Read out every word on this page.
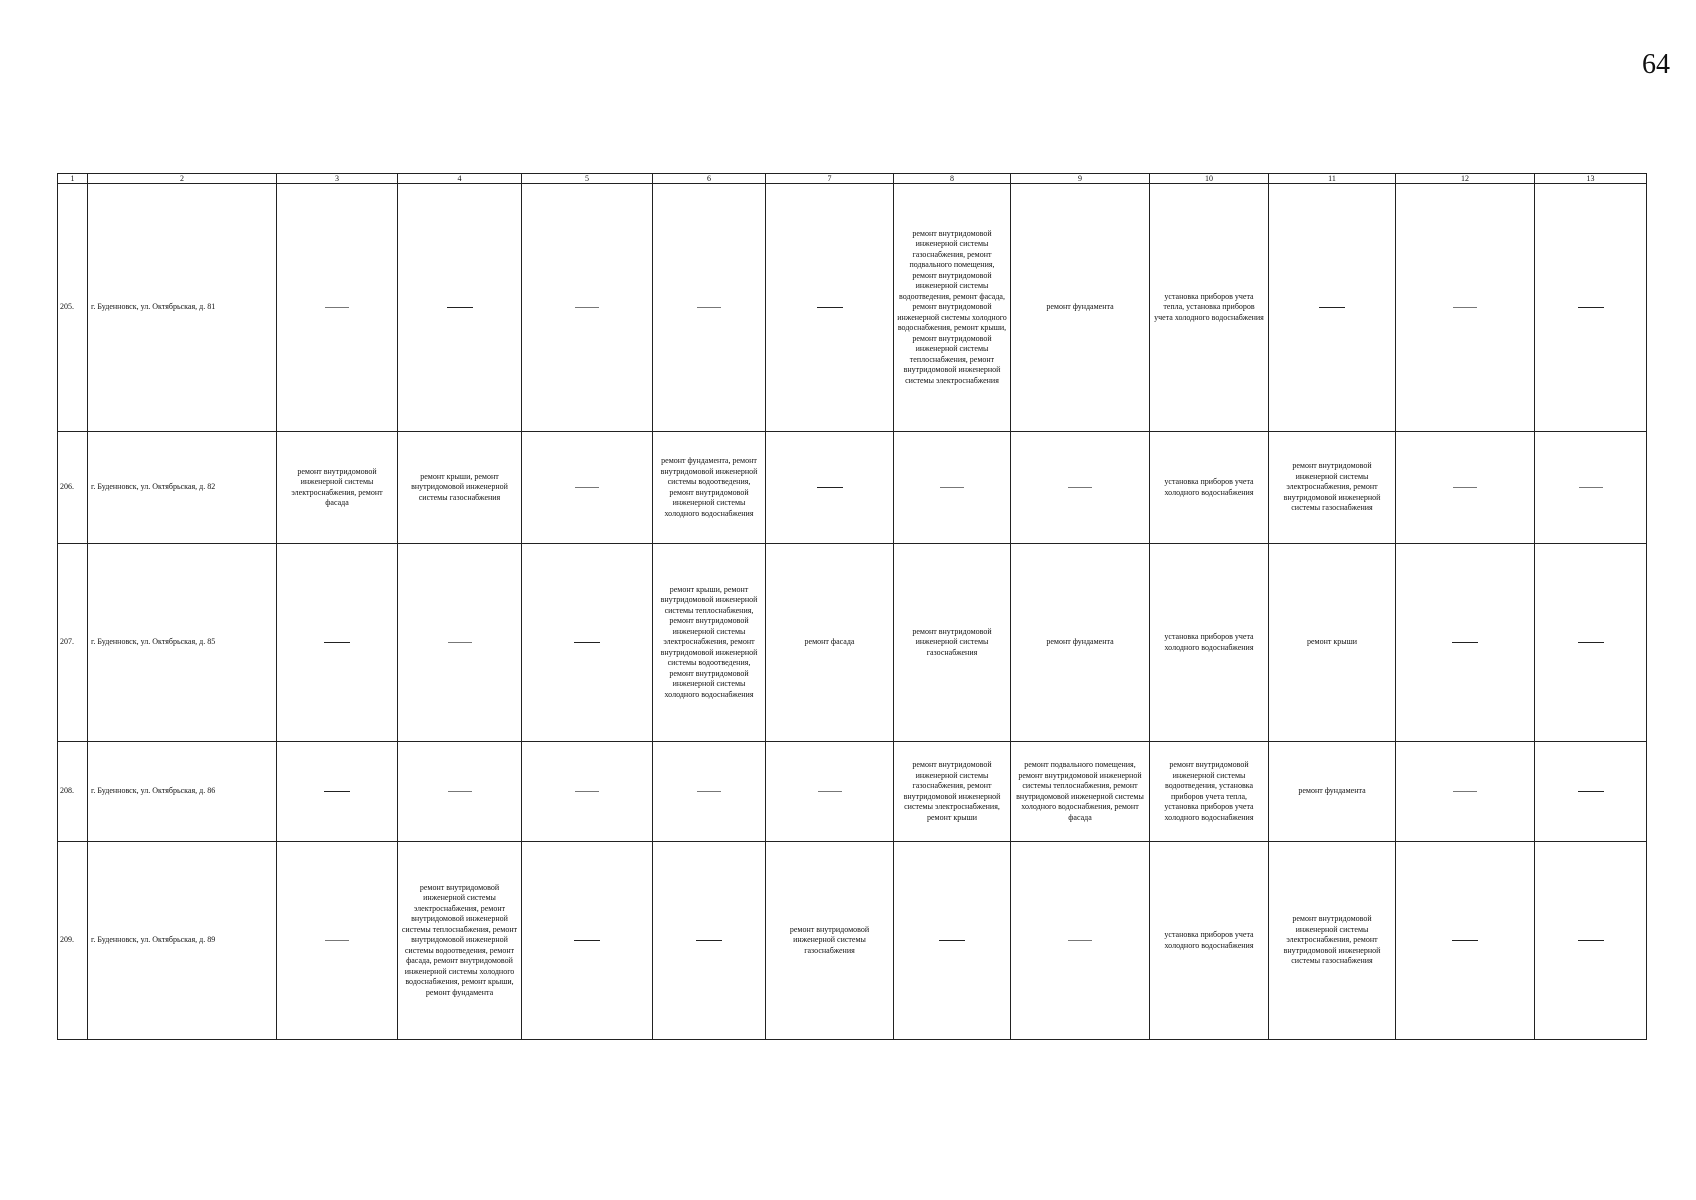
64
1	2	3	4	5	6	7	8	9	10	11	12	13
205.	г. Буденновск, ул. Октябрьская, д. 81						ремонт внутридомовой инженерной системы газоснабжения, ремонт подвального помещения, ремонт внутридомовой инженерной системы водоотведения, ремонт фасада, ремонт внутридомовой инженерной системы холодного водоснабжения, ремонт крыши, ремонт внутридомовой инженерной системы теплоснабжения, ремонт внутридомовой инженерной системы электроснабжения	ремонт фундамента	установка приборов учета тепла, установка приборов учета холодного водоснабжения			
206.	г. Буденновск, ул. Октябрьская, д. 82	ремонт внутридомовой инженерной системы электроснабжения, ремонт фасада	ремонт крыши, ремонт внутридомовой инженерной системы газоснабжения		ремонт фундамента, ремонт внутридомовой инженерной системы водоотведения, ремонт внутридомовой инженерной системы холодного водоснабжения				установка приборов учета холодного водоснабжения	ремонт внутридомовой инженерной системы электроснабжения, ремонт внутридомовой инженерной системы газоснабжения		
207.	г. Буденновск, ул. Октябрьская, д. 85				ремонт крыши, ремонт внутридомовой инженерной системы теплоснабжения, ремонт внутридомовой инженерной системы электроснабжения, ремонт внутридомовой инженерной системы водоотведения, ремонт внутридомовой инженерной системы холодного водоснабжения	ремонт фасада	ремонт внутридомовой инженерной системы газоснабжения	ремонт фундамента	установка приборов учета холодного водоснабжения	ремонт крыши		
208.	г. Буденновск, ул. Октябрьская, д. 86						ремонт внутридомовой инженерной системы газоснабжения, ремонт внутридомовой инженерной системы электроснабжения, ремонт крыши	ремонт подвального помещения, ремонт внутридомовой инженерной системы теплоснабжения, ремонт внутридомовой инженерной системы холодного водоснабжения, ремонт фасада	ремонт внутридомовой инженерной системы водоотведения, установка приборов учета тепла, установка приборов учета холодного водоснабжения	ремонт фундамента		
209.	г. Буденновск, ул. Октябрьская, д. 89		ремонт внутридомовой инженерной системы электроснабжения, ремонт внутридомовой инженерной системы теплоснабжения, ремонт внутридомовой инженерной системы водоотведения, ремонт фасада, ремонт внутридомовой инженерной системы холодного водоснабжения, ремонт крыши, ремонт фундамента			ремонт внутридомовой инженерной системы газоснабжения			установка приборов учета холодного водоснабжения	ремонт внутридомовой инженерной системы электроснабжения, ремонт внутридомовой инженерной системы газоснабжения		
